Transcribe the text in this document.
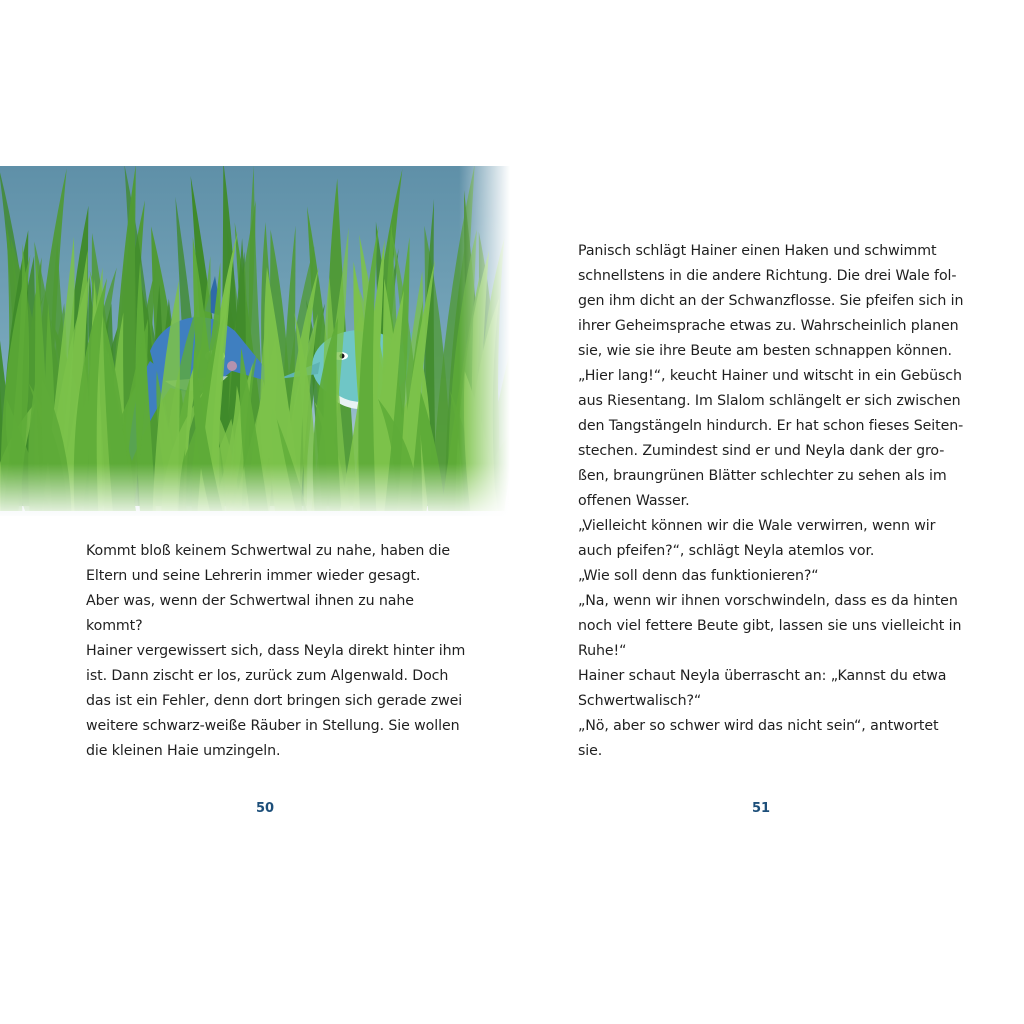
Kommt bloß keinem Schwertwal zu nahe, haben die
Eltern und seine Lehrerin immer wieder gesagt.
Aber was, wenn der Schwertwal ihnen zu nahe
kommt?
Hainer vergewissert sich, dass Neyla direkt hinter ihm
ist. Dann zischt er los, zurück zum Algenwald. Doch
das ist ein Fehler, denn dort bringen sich gerade zwei
weitere schwarz-weiße Räuber in Stellung. Sie wollen
die kleinen Haie umzingeln.
Panisch schlägt Hainer einen Haken und schwimmt
schnellstens in die andere Richtung. Die drei Wale fol-
gen ihm dicht an der Schwanzflosse. Sie pfeifen sich in
ihrer Geheimsprache etwas zu. Wahrscheinlich planen
sie, wie sie ihre Beute am besten schnappen können.
„Hier lang!“, keucht Hainer und witscht in ein Gebüsch
aus Riesentang. Im Slalom schlängelt er sich zwischen
den Tangstängeln hindurch. Er hat schon fieses Seiten-
stechen. Zumindest sind er und Neyla dank der gro-
ßen, braungrünen Blätter schlechter zu sehen als im
offenen Wasser.
„Vielleicht können wir die Wale verwirren, wenn wir
auch pfeifen?“, schlägt Neyla atemlos vor.
„Wie soll denn das funktionieren?“
„Na, wenn wir ihnen vorschwindeln, dass es da hinten
noch viel fettere Beute gibt, lassen sie uns vielleicht in
Ruhe!“
Hainer schaut Neyla überrascht an: „Kannst du etwa
Schwertwalisch?“
„Nö, aber so schwer wird das nicht sein“, antwortet
sie.
50	51
